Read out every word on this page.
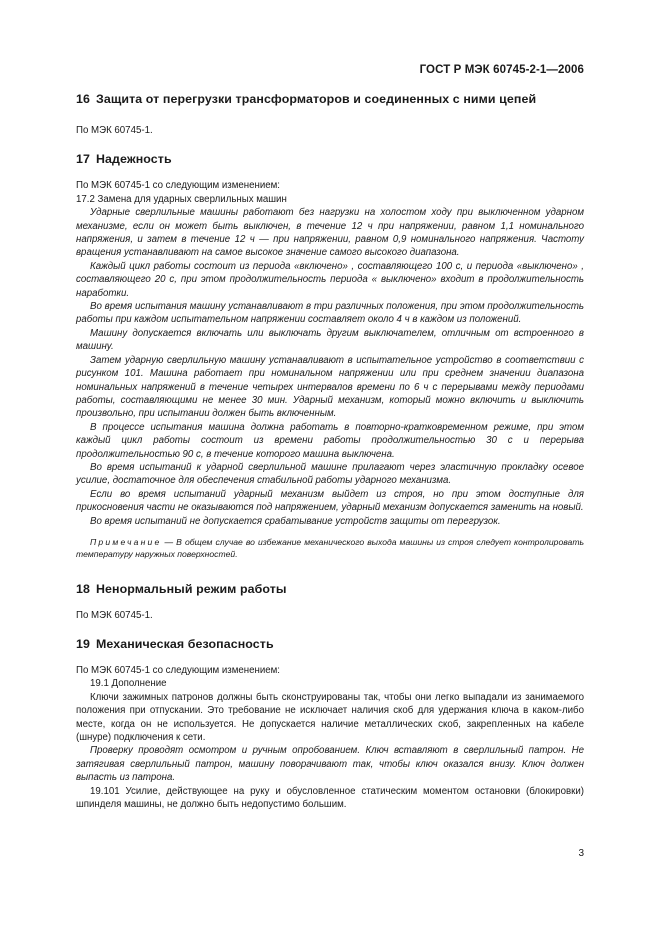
ГОСТ Р МЭК 60745-2-1—2006
16 Защита от перегрузки трансформаторов и соединенных с ними цепей

По МЭК 60745-1.

17 Надежность

По МЭК 60745-1 со следующим изменением:

17.2 Замена для ударных сверлильных машин

Ударные сверлильные машины работают без нагрузки на холостом ходу при выключенном ударном механизме, если он может быть выключен, в течение 12 ч при напряжении, равном 1,1 номинального напряжения, и затем в течение 12 ч — при напряжении, равном 0,9 номинального напряжения. Частоту вращения устанавливают на самое высокое значение самого высокого диапазона.

Каждый цикл работы состоит из периода «включено» , составляющего 100 с, и периода «выключено» , составляющего 20 с, при этом продолжительность периода « выключено» входит в продолжительность наработки.

Во время испытания машину устанавливают в три различных положения, при этом продолжительность работы при каждом испытательном напряжении составляет около 4 ч в каждом из положений.

Машину допускается включать или выключать другим выключателем, отличным от встроенного в машину.

Затем ударную сверлильную машину устанавливают в испытательное устройство в соответствии с рисунком 101. Машина работает при номинальном напряжении или при среднем значении диапазона номинальных напряжений в течение четырех интервалов времени по 6 ч с перерывами между периодами работы, составляющими не менее 30 мин. Ударный механизм, который можно включить и выключить произвольно, при испытании должен быть включенным.

В процессе испытания машина должна работать в повторно-кратковременном режиме, при этом каждый цикл работы состоит из времени работы продолжительностью 30 с и перерыва продолжительностью 90 с, в течение которого машина выключена.

Во время испытаний к ударной сверлильной машине прилагают через эластичную прокладку осевое усилие, достаточное для обеспечения стабильной работы ударного механизма.

Если во время испытаний ударный механизм выйдет из строя, но при этом доступные для прикосновения части не оказываются под напряжением, ударный механизм допускается заменить на новый.

Во время испытаний не допускается срабатывание устройств защиты от перегрузок.

Примечание — В общем случае во избежание механического выхода машины из строя следует контролировать температуру наружных поверхностей.

18 Ненормальный режим работы

По МЭК 60745-1.

19 Механическая безопасность

По МЭК 60745-1 со следующим изменением:

19.1 Дополнение

Ключи зажимных патронов должны быть сконструированы так, чтобы они легко выпадали из занимаемого положения при отпускании. Это требование не исключает наличия скоб для удержания ключа в каком-либо месте, когда он не используется. Не допускается наличие металлических скоб, закрепленных на кабеле (шнуре) подключения к сети.

Проверку проводят осмотром и ручным опробованием. Ключ вставляют в сверлильный патрон. Не затягивая сверлильный патрон, машину поворачивают так, чтобы ключ оказался внизу. Ключ должен выпасть из патрона.

19.101 Усилие, действующее на руку и обусловленное статическим моментом остановки (блокировки) шпинделя машины, не должно быть недопустимо большим.

3
